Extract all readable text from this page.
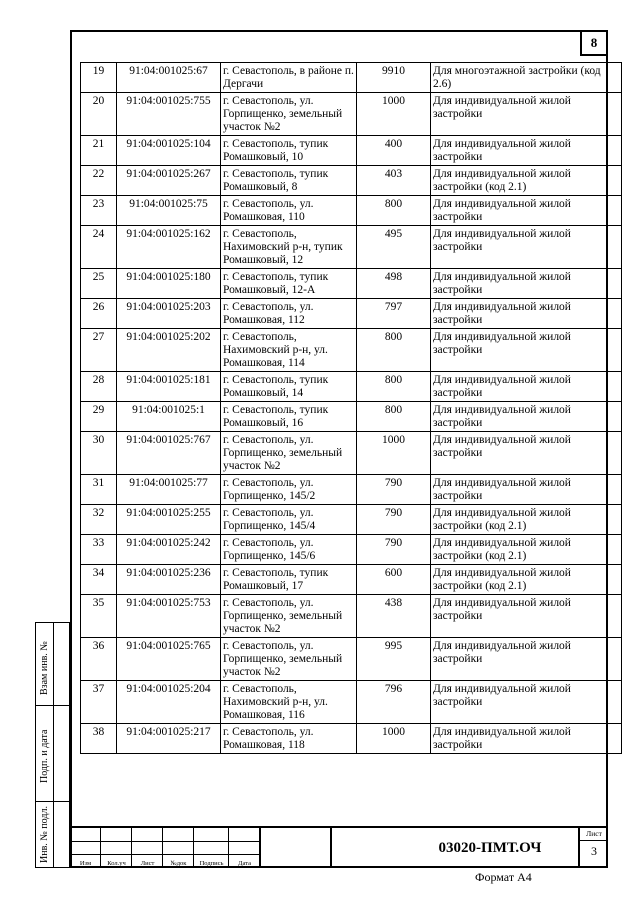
8
19	91:04:001025:67	г. Севастополь, в районе п. Дергачи	9910	Для многоэтажной застройки (код 2.6)
20	91:04:001025:755	г. Севастополь, ул. Горпищенко, земельный участок №2	1000	Для индивидуальной жилой застройки
21	91:04:001025:104	г. Севастополь, тупик Ромашковый, 10	400	Для индивидуальной жилой застройки
22	91:04:001025:267	г. Севастополь, тупик Ромашковый, 8	403	Для индивидуальной жилой застройки (код 2.1)
23	91:04:001025:75	г. Севастополь, ул. Ромашковая, 110	800	Для индивидуальной жилой застройки
24	91:04:001025:162	г. Севастополь, Нахимовский р-н, тупик Ромашковый, 12	495	Для индивидуальной жилой застройки
25	91:04:001025:180	г. Севастополь, тупик Ромашковый, 12-А	498	Для индивидуальной жилой застройки
26	91:04:001025:203	г. Севастополь, ул. Ромашковая, 112	797	Для индивидуальной жилой застройки
27	91:04:001025:202	г. Севастополь, Нахимовский р-н, ул. Ромашковая, 114	800	Для индивидуальной жилой застройки
28	91:04:001025:181	г. Севастополь, тупик Ромашковый, 14	800	Для индивидуальной жилой застройки
29	91:04:001025:1	г. Севастополь, тупик Ромашковый, 16	800	Для индивидуальной жилой застройки
30	91:04:001025:767	г. Севастополь, ул. Горпищенко, земельный участок №2	1000	Для индивидуальной жилой застройки
31	91:04:001025:77	г. Севастополь, ул. Горпищенко, 145/2	790	Для индивидуальной жилой застройки
32	91:04:001025:255	г. Севастополь, ул. Горпищенко, 145/4	790	Для индивидуальной жилой застройки (код 2.1)
33	91:04:001025:242	г. Севастополь, ул. Горпищенко, 145/6	790	Для индивидуальной жилой застройки (код 2.1)
34	91:04:001025:236	г. Севастополь, тупик Ромашковый, 17	600	Для индивидуальной жилой застройки (код 2.1)
35	91:04:001025:753	г. Севастополь, ул. Горпищенко, земельный участок №2	438	Для индивидуальной жилой застройки
36	91:04:001025:765	г. Севастополь, ул. Горпищенко, земельный участок №2	995	Для индивидуальной жилой застройки
37	91:04:001025:204	г. Севастополь, Нахимовский р-н, ул. Ромашковая, 116	796	Для индивидуальной жилой застройки
38	91:04:001025:217	г. Севастополь, ул. Ромашковая, 118	1000	Для индивидуальной жилой застройки
Взам инв. №
Подп. и дата
Инв. № подл.
Изм	Кол.уч	Лист	№док	Подпись	Дата
03020-ПМТ.ОЧ
Лист
3
Формат А4
